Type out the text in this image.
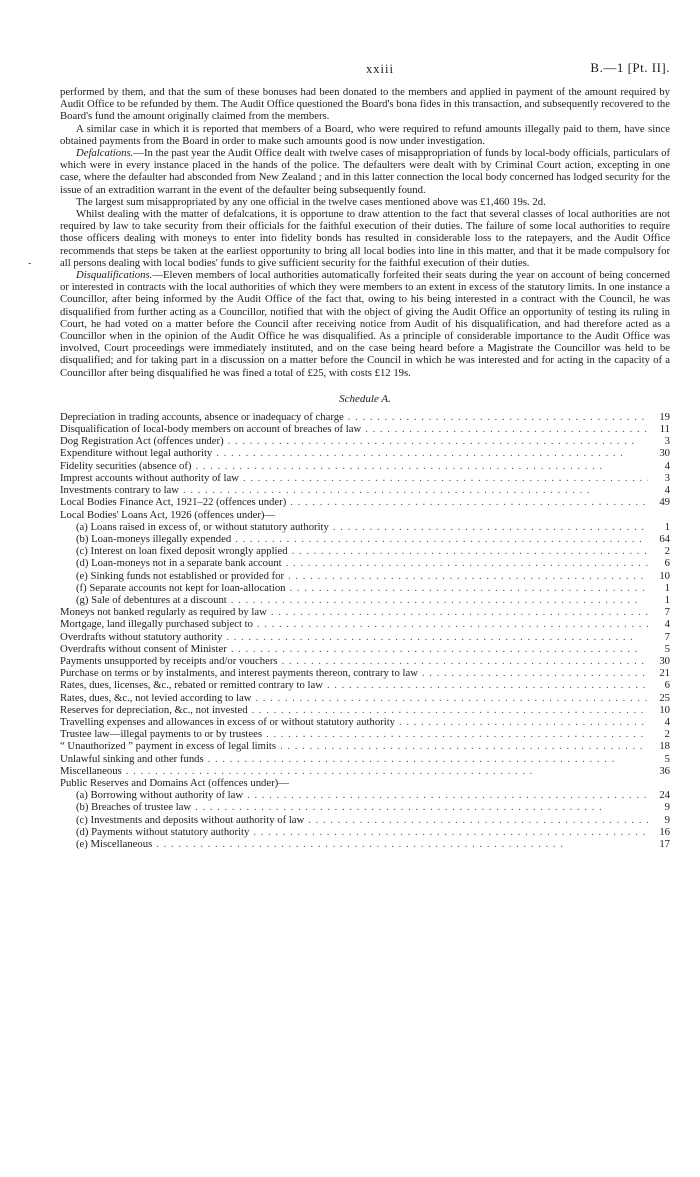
xxiii	B.—1 [Pt. II].
-

performed by them, and that the sum of these bonuses had been donated to the members and applied in payment of the amount required by Audit Office to be refunded by them. The Audit Office questioned the Board's bona fides in this transaction, and subsequently recovered to the Board's fund the amount originally claimed from the members.

A similar case in which it is reported that members of a Board, who were required to refund amounts illegally paid to them, have since obtained payments from the Board in order to make such amounts good is now under investigation.

Defalcations.—In the past year the Audit Office dealt with twelve cases of misappropriation of funds by local-body officials, particulars of which were in every instance placed in the hands of the police. The defaulters were dealt with by Criminal Court action, excepting in one case, where the defaulter had absconded from New Zealand ; and in this latter connection the local body concerned has lodged security for the issue of an extradition warrant in the event of the defaulter being subsequently found.

The largest sum misappropriated by any one official in the twelve cases mentioned above was £1,460 19s. 2d.

Whilst dealing with the matter of defalcations, it is opportune to draw attention to the fact that several classes of local authorities are not required by law to take security from their officials for the faithful execution of their duties. The failure of some local authorities to require those officers dealing with moneys to enter into fidelity bonds has resulted in considerable loss to the ratepayers, and the Audit Office recommends that steps be taken at the earliest opportunity to bring all local bodies into line in this matter, and that it be made compulsory for all persons dealing with local bodies' funds to give sufficient security for the faithful execution of their duties.

Disqualifications.—Eleven members of local authorities automatically forfeited their seats during the year on account of being concerned or interested in contracts with the local authorities of which they were members to an extent in excess of the statutory limits. In one instance a Councillor, after being informed by the Audit Office of the fact that, owing to his being interested in a contract with the Council, he was disqualified from further acting as a Councillor, notified that with the object of giving the Audit Office an opportunity of testing its ruling in Court, he had voted on a matter before the Council after receiving notice from Audit of his disqualification, and had therefore acted as a Councillor when in the opinion of the Audit Office he was disqualified. As a principle of considerable importance to the Audit Office was involved, Court proceedings were immediately instituted, and on the case being heard before a Magistrate the Councillor was held to be disqualified; and for taking part in a discussion on a matter before the Council in which he was interested and for acting in the capacity of a Councillor after being disqualified he was fined a total of £25, with costs £12 19s.

Schedule A.
Depreciation in trading accounts, absence or inadequacy of charge . .	19
Disqualification of local-body members on account of breaches of law . .	11
Dog Registration Act (offences under) . .	3
Expenditure without legal authority . .	30
Fidelity securities (absence of) . .	4
Imprest accounts without authority of law . .	3
Investments contrary to law . .	4
Local Bodies Finance Act, 1921–22 (offences under) . .	49
Local Bodies' Loans Act, 1926 (offences under)—
(a) Loans raised in excess of, or without statutory authority . .	1
(b) Loan-moneys illegally expended . .	64
(c) Interest on loan fixed deposit wrongly applied . .	2
(d) Loan-moneys not in a separate bank account . .	6
(e) Sinking funds not established or provided for . .	10
(f) Separate accounts not kept for loan-allocation . .	1
(g) Sale of debentures at a discount . .	1
Moneys not banked regularly as required by law . .	7
Mortgage, land illegally purchased subject to . .	4
Overdrafts without statutory authority . .	7
Overdrafts without consent of Minister . .	5
Payments unsupported by receipts and/or vouchers . .	30
Purchase on terms or by instalments, and interest payments thereon, contrary to law . .	21
Rates, dues, licenses, &c., rebated or remitted contrary to law . .	6
Rates, dues, &c., not levied according to law . .	25
Reserves for depreciation, &c., not invested . .	10
Travelling expenses and allowances in excess of or without statutory authority . .	4
Trustee law—illegal payments to or by trustees . .	2
“ Unauthorized ” payment in excess of legal limits . .	18
Unlawful sinking and other funds . .	5
Miscellaneous . .	36
Public Reserves and Domains Act (offences under)—
(a) Borrowing without authority of law . .	24
(b) Breaches of trustee law . .	9
(c) Investments and deposits without authority of law . .	9
(d) Payments without statutory authority . .	16
(e) Miscellaneous . .	17
